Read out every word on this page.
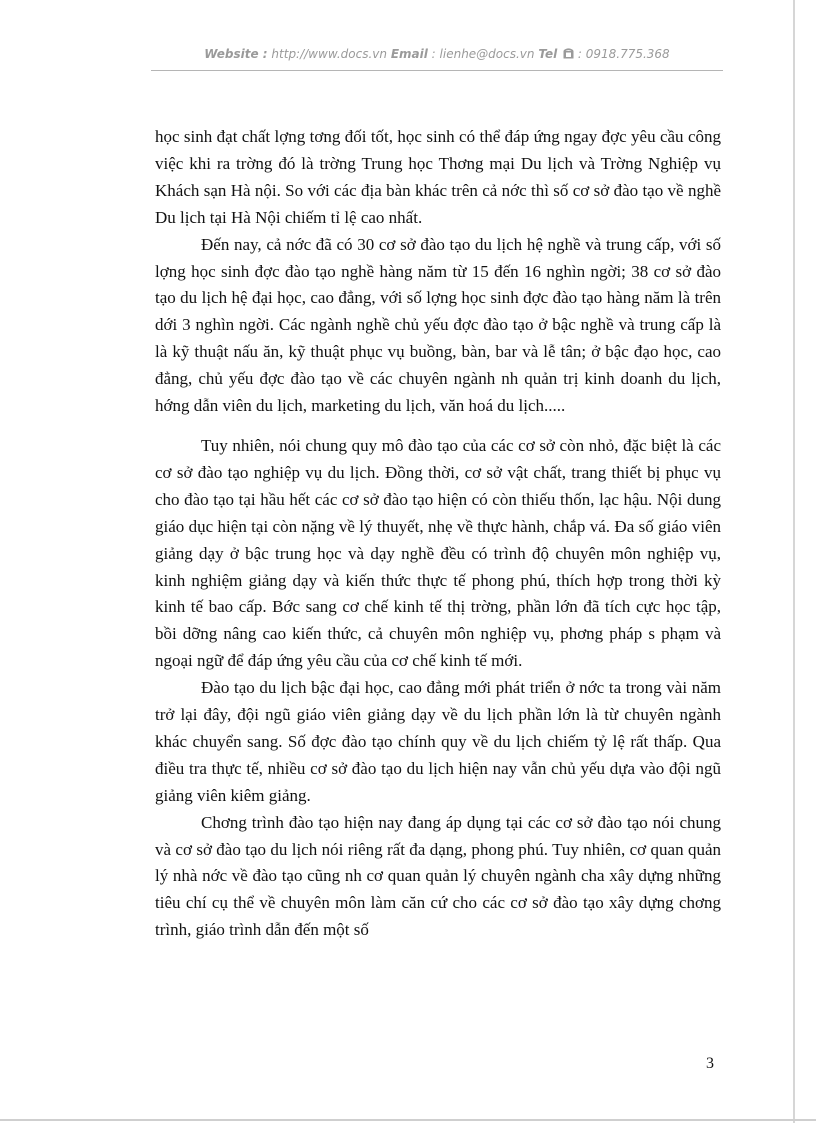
Website : http://www.docs.vn Email : lienhe@docs.vn Tel  : 0918.775.368

học sinh đạt chất lợng tơng đối tốt, học sinh có thể đáp ứng ngay đợc yêu cầu công việc khi ra trờng đó là trờng Trung học Thơng mại Du lịch và Trờng Nghiệp vụ Khách sạn Hà nội. So với các địa bàn khác trên cả nớc thì số cơ sở đào tạo về nghề Du lịch tại Hà Nội chiếm tỉ lệ cao nhất.

Đến nay, cả nớc đã có 30 cơ sở đào tạo du lịch hệ nghề và trung cấp, với số lợng học sinh đợc đào tạo nghề hàng năm từ 15 đến 16 nghìn ngời; 38 cơ sở đào tạo du lịch hệ đại học, cao đẳng, với số lợng học sinh đợc đào tạo hàng năm là trên dới 3 nghìn ngời. Các ngành nghề chủ yếu đợc đào tạo ở bậc nghề và trung cấp là là kỹ thuật nấu ăn, kỹ thuật phục vụ buồng, bàn, bar và lễ tân; ở bậc đạo học, cao đẳng, chủ yếu đợc đào tạo về các chuyên ngành nh quản trị kinh doanh du lịch, hớng dẫn viên du lịch, marketing du lịch, văn hoá du lịch.....

Tuy nhiên, nói chung quy mô đào tạo của các cơ sở còn nhỏ, đặc biệt là các cơ sở đào tạo nghiệp vụ du lịch. Đồng thời, cơ sở vật chất, trang thiết bị phục vụ cho đào tạo tại hầu hết các cơ sở đào tạo hiện có còn thiếu thốn, lạc hậu. Nội dung giáo dục hiện tại còn nặng về lý thuyết, nhẹ về thực hành, chắp vá. Đa số giáo viên giảng dạy ở bậc trung học và dạy nghề đều có trình độ chuyên môn nghiệp vụ, kinh nghiệm giảng dạy và kiến thức thực tế phong phú, thích hợp trong thời kỳ kinh tế bao cấp. Bớc sang cơ chế kinh tế thị trờng, phần lớn đã tích cực học tập, bồi dỡng nâng cao kiến thức, cả chuyên môn nghiệp vụ, phơng pháp s phạm và ngoại ngữ để đáp ứng yêu cầu của cơ chế kinh tế mới.

Đào tạo du lịch bậc đại học, cao đẳng mới phát triển ở nớc ta trong vài năm trở lại đây, đội ngũ giáo viên giảng dạy về du lịch phần lớn là từ chuyên ngành khác chuyển sang. Số đợc đào tạo chính quy về du lịch chiếm tỷ lệ rất thấp. Qua điều tra thực tế, nhiều cơ sở đào tạo du lịch hiện nay vẫn chủ yếu dựa vào đội ngũ giảng viên kiêm giảng.

Chơng trình đào tạo hiện nay đang áp dụng tại các cơ sở đào tạo nói chung và cơ sở đào tạo du lịch nói riêng rất đa dạng, phong phú. Tuy nhiên, cơ quan quản lý nhà nớc về đào tạo cũng nh cơ quan quản lý chuyên ngành cha xây dựng những tiêu chí cụ thể về chuyên môn làm căn cứ cho các cơ sở đào tạo xây dựng chơng trình, giáo trình dẫn đến một số

3
